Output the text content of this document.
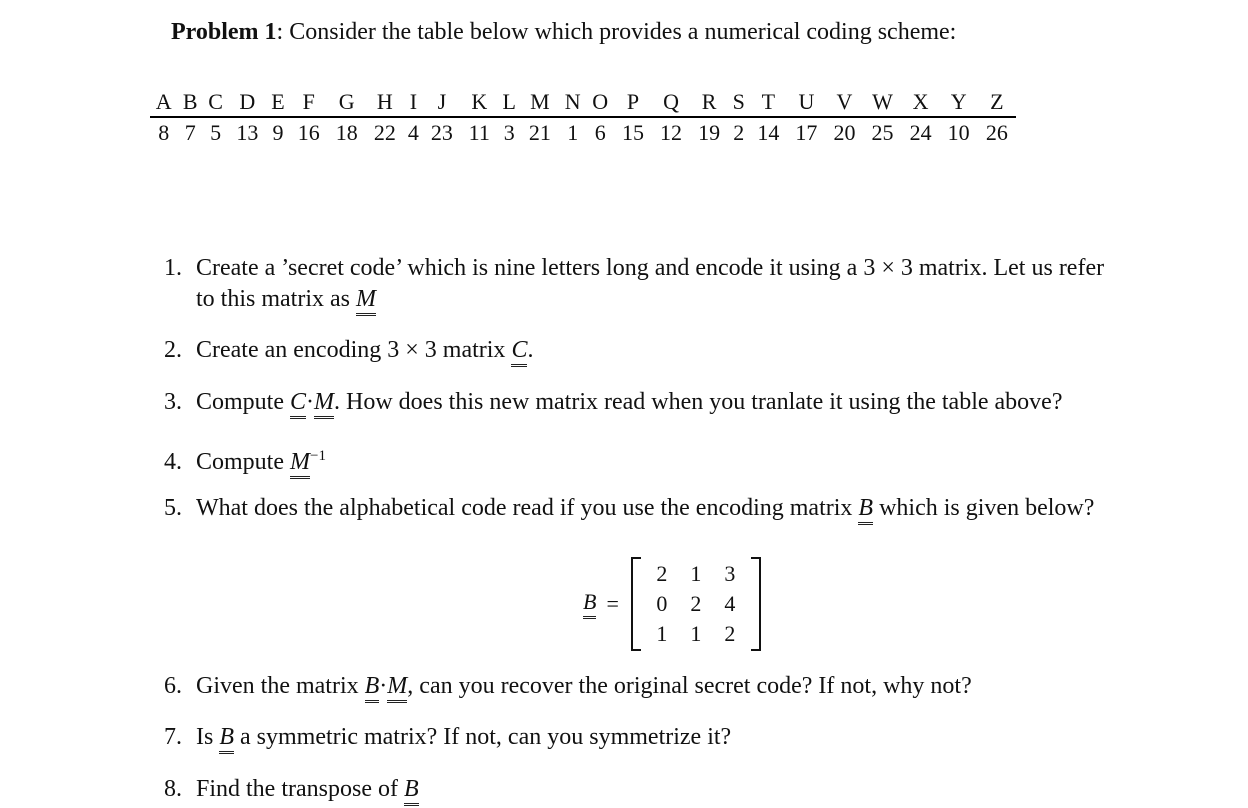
Problem 1: Consider the table below which provides a numerical coding scheme:
A	B	C	D	E	F	G	H	I	J	K	L	M	N	O	P	Q	R	S	T	U	V	W	X	Y	Z
8	7	5	13	9	16	18	22	4	23	11	3	21	1	6	15	12	19	2	14	17	20	25	24	10	26
1. Create a ’secret code’ which is nine letters long and encode it using a 3 × 3 matrix. Let us refer
to this matrix as M
2. Create an encoding 3 × 3 matrix C.
3. Compute C·M. How does this new matrix read when you tranlate it using the table above?
4. Compute $M^{-1}$
5. What does the alphabetical code read if you use the encoding matrix B which is given below?
B =
2	1	3
0	2	4
1	1	2
6. Given the matrix B·M, can you recover the original secret code? If not, why not?
7. Is B a symmetric matrix? If not, can you symmetrize it?
8. Find the transpose of B
